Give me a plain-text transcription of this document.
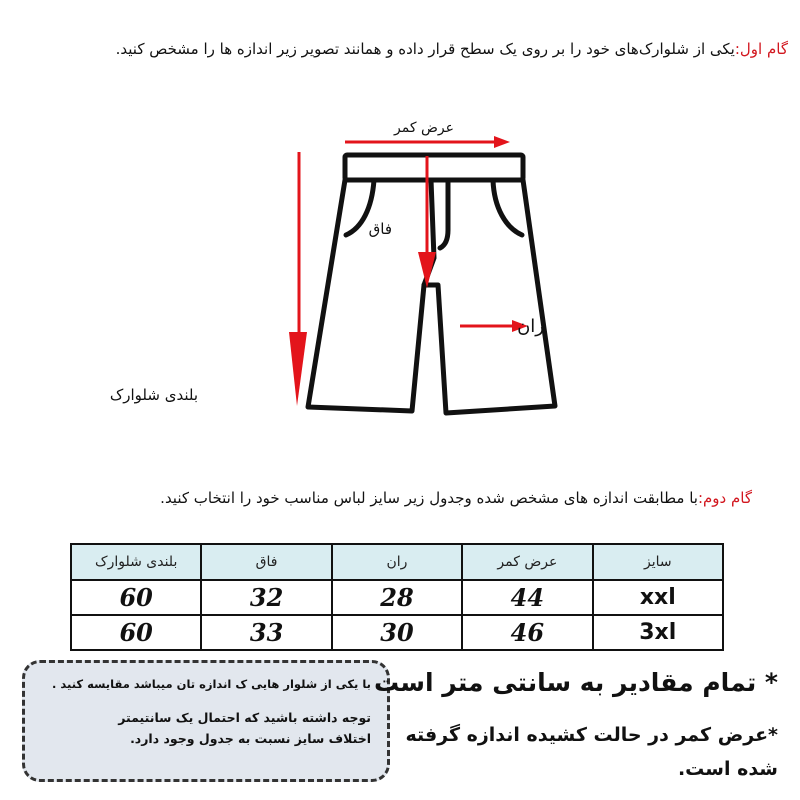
گام اول:یکی از شلوارک‌های خود را بر روی یک سطح قرار داده و همانند تصویر زیر اندازه ها را مشخص کنید.
عرض کمر
فاق
ران
بلندی شلوارک
گام دوم:با مطابقت اندازه های مشخص شده وجدول زیر سایز لباس مناسب خود را انتخاب کنید.
بلندی شلوارک	فاق	ران	عرض کمر	سایز
60	32	28	44	xxl
60	33	30	46	3xl
با یکی از شلوار هایی ک اندازه تان میباشد مقایسه کنید .
توجه داشته باشید که احتمال یک سانتیمتر
اختلاف سایز نسبت به جدول وجود دارد.
* تمام مقادیر به سانتی متر است
*عرض کمر در حالت کشیده اندازه گرفته
شده است.
